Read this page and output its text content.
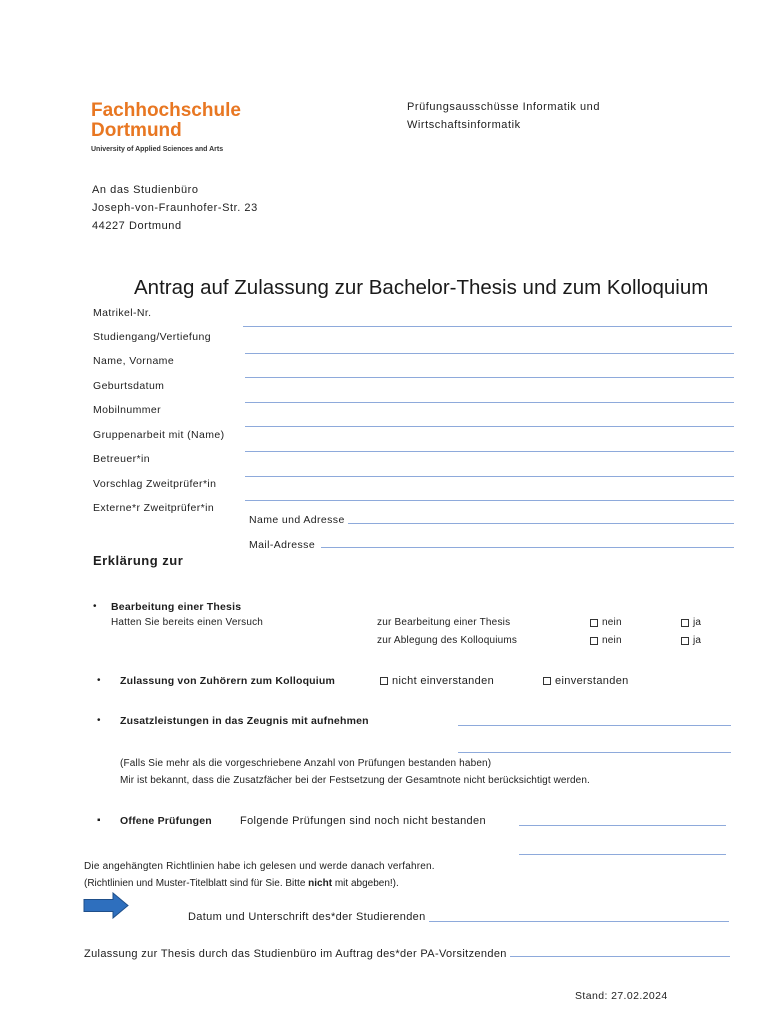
Fachhochschule
Dortmund
University of Applied Sciences and Arts
Prüfungsausschüsse Informatik und
Wirtschaftsinformatik
An das Studienbüro
Joseph-von-Fraunhofer-Str. 23
44227 Dortmund
Antrag auf Zulassung zur Bachelor-Thesis und zum Kolloquium
Matrikel-Nr.
Studiengang/Vertiefung
Name, Vorname
Geburtsdatum
Mobilnummer
Gruppenarbeit mit (Name)
Betreuer*in
Vorschlag Zweitprüfer*in
Externe*r Zweitprüfer*in
Name und Adresse
Mail-Adresse
Erklärung zur
• Bearbeitung einer Thesis
Hatten Sie bereits einen Versuch	zur Bearbeitung einer Thesis	nein	ja
zur Ablegung des Kolloquiums	nein	ja
• Zulassung von Zuhörern zum Kolloquium	nicht einverstanden	einverstanden
• Zusatzleistungen in das Zeugnis mit aufnehmen
(Falls Sie mehr als die vorgeschriebene Anzahl von Prüfungen bestanden haben)
Mir ist bekannt, dass die Zusatzfächer bei der Festsetzung der Gesamtnote nicht berücksichtigt werden.
▪ Offene Prüfungen	Folgende Prüfungen sind noch nicht bestanden
Die angehängten Richtlinien habe ich gelesen und werde danach verfahren.
(Richtlinien und Muster-Titelblatt sind für Sie. Bitte nicht mit abgeben!).
Datum und Unterschrift des*der Studierenden
Zulassung zur Thesis durch das Studienbüro im Auftrag des*der PA-Vorsitzenden
Stand: 27.02.2024
